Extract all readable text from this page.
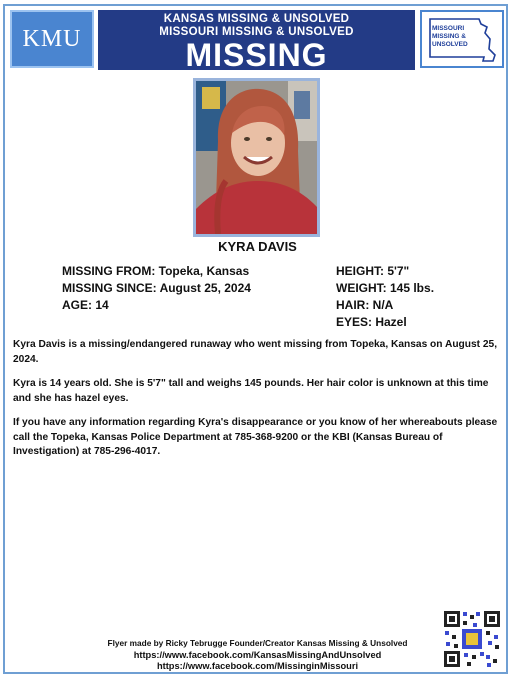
KMU
KANSAS MISSING & UNSOLVED
MISSOURI MISSING & UNSOLVED
MISSING
MISSOURI
MISSING &
UNSOLVED
KYRA DAVIS
MISSING FROM: Topeka, Kansas
MISSING SINCE: August 25, 2024
AGE: 14
HEIGHT: 5'7"
WEIGHT: 145 lbs.
HAIR: N/A
EYES: Hazel
Kyra Davis is a missing/endangered runaway who went missing from Topeka, Kansas on August 25, 2024.
Kyra is 14 years old. She is 5'7" tall and weighs 145 pounds. Her hair color is unknown at this time and she has hazel eyes.
If you have any information regarding Kyra's disappearance or you know of her whereabouts please call the Topeka, Kansas Police Department at 785-368-9200 or the KBI (Kansas Bureau of Investigation) at 785-296-4017.
Flyer made by Ricky Tebrugge Founder/Creator Kansas Missing & Unsolved
https://www.facebook.com/KansasMissingAndUnsolved
https://www.facebook.com/MissinginMissouri
